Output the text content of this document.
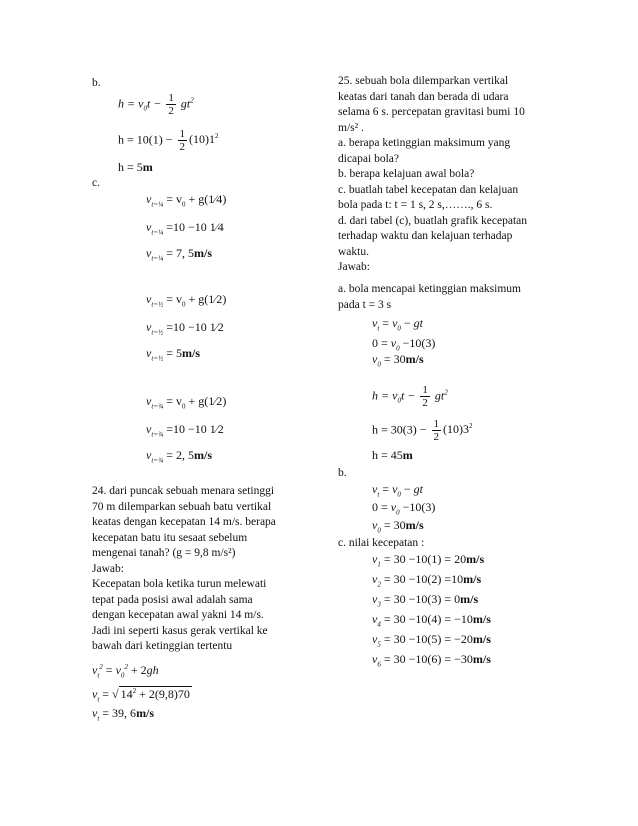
b.
$h = v_0t - \frac{1}{2} gt^2$
$h = 10(1) - \frac{1}{2} (10)1^2$
h = 5m
c.
$v_{t=\frac{1}{4}} = v_0$ + g(1⁄4)
$v_{t=\frac{1}{4}} =10 -10$ 1⁄4
$v_{t=\frac{1}{4}} = 7$, 5m/s
$v_{t=\frac{1}{2}} = v_0$ + g(1⁄2)
$v_{t=\frac{1}{2}} =10 -10$ 1⁄2
$v_{t=\frac{1}{2}} = 5m/s$
$v_{t=\frac{3}{4}} = v_0$ + g(1⁄2)
$v_{t=\frac{3}{4}} =10 -10$ 1⁄2
$v_{t=\frac{3}{4}} = 2$, 5m/s
24. dari puncak sebuah menara setinggi
70 m dilemparkan sebuah batu vertikal
keatas dengan kecepatan 14 m/s. berapa
kecepatan batu itu sesaat sebelum
mengenai tanah? (g = 9,8 m/s²)
Jawab:
Kecepatan bola ketika turun melewati
tepat pada posisi awal adalah sama
dengan kecepatan awal yakni 14 m/s.
Jadi ini seperti kasus gerak vertikal ke
bawah dari ketinggian tertentu
$v_t^2 = v_0^2 + 2gh$
$v_t$ = √ $14^2 + 2(9,8)70$
$v_t = 39$, 6m/s
25. sebuah bola dilemparkan vertikal
keatas dari tanah dan berada di udara
selama 6 s. percepatan gravitasi bumi 10
m/s² .
a. berapa ketinggian maksimum yang
dicapai bola?
b. berapa kelajuan awal bola?
c. buatlah tabel kecepatan dan kelajuan
bola pada t: t = 1 s, 2 s,……., 6 s.
d. dari tabel (c), buatlah grafik kecepatan
terhadap waktu dan kelajuan terhadap
waktu.
Jawab:
a. bola mencapai ketinggian maksimum
pada t = 3 s
$v_t = v_0$ − gt
$0 = v_0 -10(3)$
$v_0 = 30m/s$
$h = v_0t - \frac{1}{2} gt^2$
$h = 30(3) - \frac{1}{2} (10)3^2$
h = 45m
b.
$v_t = v_0$ − gt
$0 = v_0 -10(3)$
$v_0 = 30m/s$
c. nilai kecepatan :
$v_1 = 30 -10(1) = 20m/s$
$v_2 = 30 -10(2) =10m/s$
$v_3 = 30 -10(3) = 0m/s$
$v_4 = 30 -10(4) = -10m/s$
$v_5 = 30 -10(5) = -20m/s$
$v_6 = 30 -10(6) = -30m/s$
